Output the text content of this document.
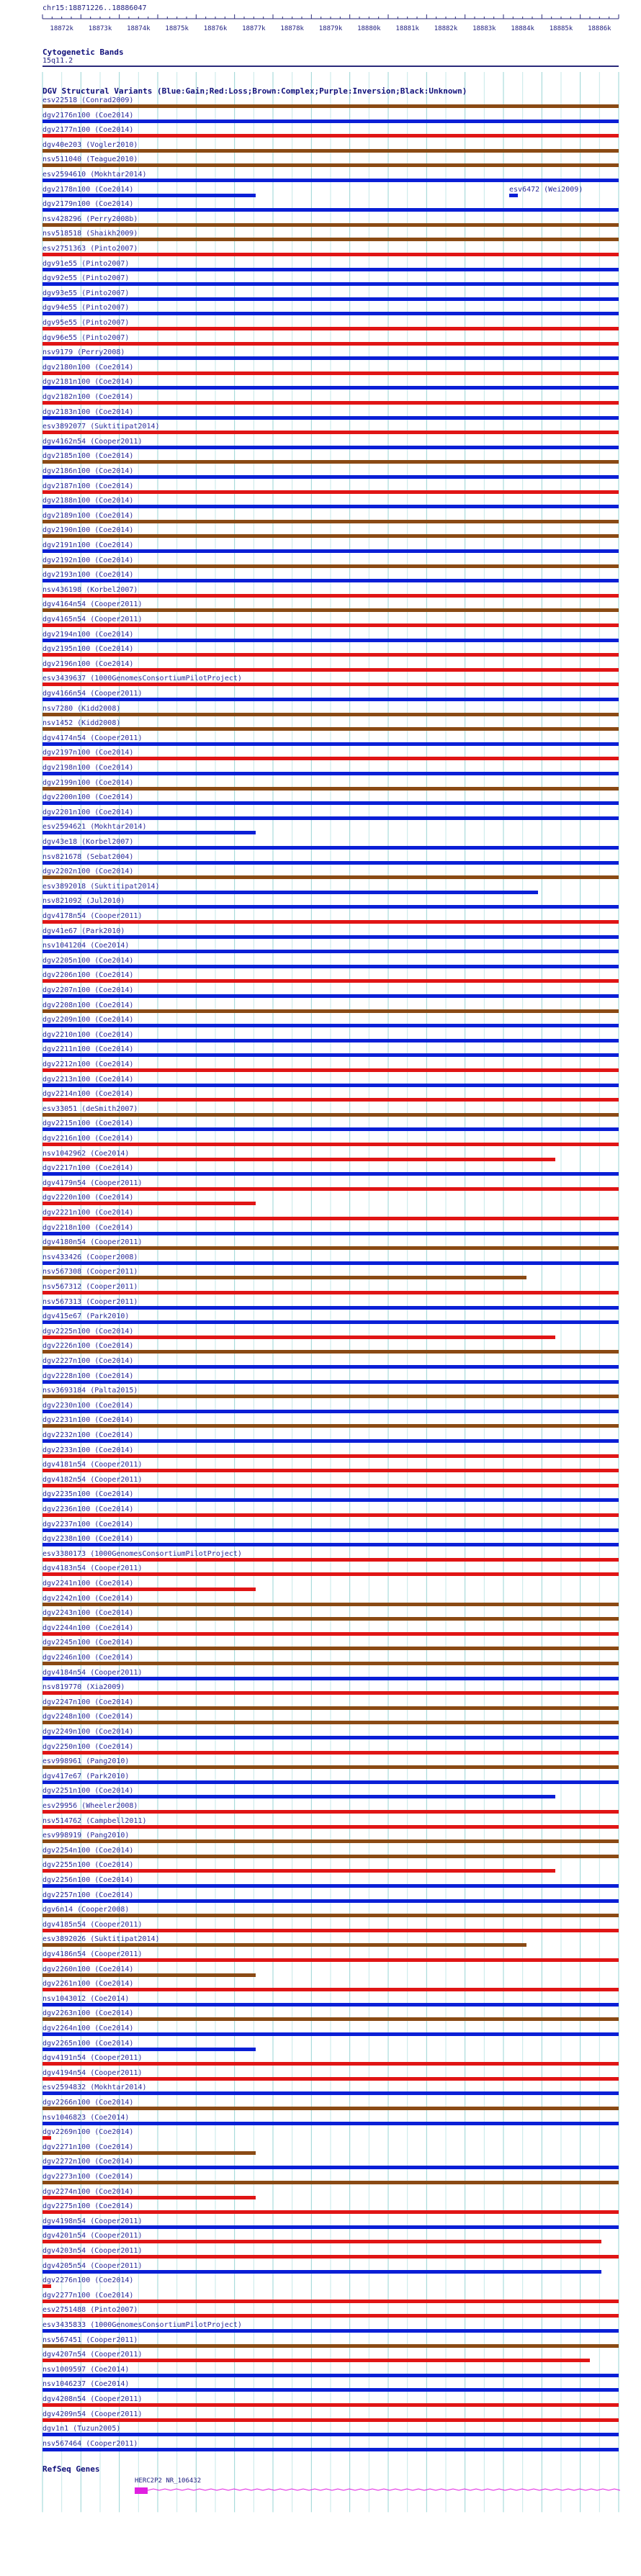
chr15:18871226..18886047
18872k 18873k 18874k 18875k 18876k 18877k 18878k 18879k 18880k 18881k 18882k 18883k 18884k 18885k 18886k
Cytogenetic Bands
15q11.2
DGV Structural Variants (Blue:Gain;Red:Loss;Brown:Complex;Purple:Inversion;Black:Unknown)
esv22518 (Conrad2009)
dgv2176n100 (Coe2014)
dgv2177n100 (Coe2014)
dgv40e203 (Vogler2010)
nsv511040 (Teague2010)
esv2594610 (Mokhtar2014)
dgv2178n100 (Coe2014)	esv6472 (Wei2009)
dgv2179n100 (Coe2014)
nsv428296 (Perry2008b)
nsv518518 (Shaikh2009)
esv2751363 (Pinto2007)
dgv91e55 (Pinto2007)
dgv92e55 (Pinto2007)
dgv93e55 (Pinto2007)
dgv94e55 (Pinto2007)
dgv95e55 (Pinto2007)
dgv96e55 (Pinto2007)
nsv9179 (Perry2008)
dgv2180n100 (Coe2014)
dgv2181n100 (Coe2014)
dgv2182n100 (Coe2014)
dgv2183n100 (Coe2014)
esv3892077 (Suktitipat2014)
dgv4162n54 (Cooper2011)
dgv2185n100 (Coe2014)
dgv2186n100 (Coe2014)
dgv2187n100 (Coe2014)
dgv2188n100 (Coe2014)
dgv2189n100 (Coe2014)
dgv2190n100 (Coe2014)
dgv2191n100 (Coe2014)
dgv2192n100 (Coe2014)
dgv2193n100 (Coe2014)
nsv436198 (Korbel2007)
dgv4164n54 (Cooper2011)
dgv4165n54 (Cooper2011)
dgv2194n100 (Coe2014)
dgv2195n100 (Coe2014)
dgv2196n100 (Coe2014)
esv3439637 (1000GenomesConsortiumPilotProject)
dgv4166n54 (Cooper2011)
nsv7280 (Kidd2008)
nsv1452 (Kidd2008)
dgv4174n54 (Cooper2011)
dgv2197n100 (Coe2014)
dgv2198n100 (Coe2014)
dgv2199n100 (Coe2014)
dgv2200n100 (Coe2014)
dgv2201n100 (Coe2014)
esv2594621 (Mokhtar2014)
dgv43e18 (Korbel2007)
nsv821678 (Sebat2004)
dgv2202n100 (Coe2014)
esv3892018 (Suktitipat2014)
nsv821092 (Jul2010)
dgv4178n54 (Cooper2011)
dgv41e67 (Park2010)
nsv1041204 (Coe2014)
dgv2205n100 (Coe2014)
dgv2206n100 (Coe2014)
dgv2207n100 (Coe2014)
dgv2208n100 (Coe2014)
dgv2209n100 (Coe2014)
dgv2210n100 (Coe2014)
dgv2211n100 (Coe2014)
dgv2212n100 (Coe2014)
dgv2213n100 (Coe2014)
dgv2214n100 (Coe2014)
esv33051 (deSmith2007)
dgv2215n100 (Coe2014)
dgv2216n100 (Coe2014)
nsv1042962 (Coe2014)
dgv2217n100 (Coe2014)
dgv4179n54 (Cooper2011)
dgv2220n100 (Coe2014)
dgv2221n100 (Coe2014)
dgv2218n100 (Coe2014)
dgv4180n54 (Cooper2011)
nsv433426 (Cooper2008)
nsv567308 (Cooper2011)
nsv567312 (Cooper2011)
nsv567313 (Cooper2011)
dgv415e67 (Park2010)
dgv2225n100 (Coe2014)
dgv2226n100 (Coe2014)
dgv2227n100 (Coe2014)
dgv2228n100 (Coe2014)
nsv3693184 (Palta2015)
dgv2230n100 (Coe2014)
dgv2231n100 (Coe2014)
dgv2232n100 (Coe2014)
dgv2233n100 (Coe2014)
dgv4181n54 (Cooper2011)
dgv4182n54 (Cooper2011)
dgv2235n100 (Coe2014)
dgv2236n100 (Coe2014)
dgv2237n100 (Coe2014)
dgv2238n100 (Coe2014)
esv3380173 (1000GenomesConsortiumPilotProject)
dgv4183n54 (Cooper2011)
dgv2241n100 (Coe2014)
dgv2242n100 (Coe2014)
dgv2243n100 (Coe2014)
dgv2244n100 (Coe2014)
dgv2245n100 (Coe2014)
dgv2246n100 (Coe2014)
dgv4184n54 (Cooper2011)
nsv819770 (Xia2009)
dgv2247n100 (Coe2014)
dgv2248n100 (Coe2014)
dgv2249n100 (Coe2014)
dgv2250n100 (Coe2014)
esv998961 (Pang2010)
dgv417e67 (Park2010)
dgv2251n100 (Coe2014)
esv29956 (Wheeler2008)
nsv514762 (Campbell2011)
esv998919 (Pang2010)
dgv2254n100 (Coe2014)
dgv2255n100 (Coe2014)
dgv2256n100 (Coe2014)
dgv2257n100 (Coe2014)
dgv6n14 (Cooper2008)
dgv4185n54 (Cooper2011)
esv3892026 (Suktitipat2014)
dgv4186n54 (Cooper2011)
dgv2260n100 (Coe2014)
dgv2261n100 (Coe2014)
nsv1043012 (Coe2014)
dgv2263n100 (Coe2014)
dgv2264n100 (Coe2014)
dgv2265n100 (Coe2014)
dgv4191n54 (Cooper2011)
dgv4194n54 (Cooper2011)
esv2594832 (Mokhtar2014)
dgv2266n100 (Coe2014)
nsv1046823 (Coe2014)
dgv2269n100 (Coe2014)
dgv2271n100 (Coe2014)
dgv2272n100 (Coe2014)
dgv2273n100 (Coe2014)
dgv2274n100 (Coe2014)
dgv2275n100 (Coe2014)
dgv4198n54 (Cooper2011)
dgv4201n54 (Cooper2011)
dgv4203n54 (Cooper2011)
dgv4205n54 (Cooper2011)
dgv2276n100 (Coe2014)
dgv2277n100 (Coe2014)
esv2751488 (Pinto2007)
esv3435833 (1000GenomesConsortiumPilotProject)
nsv567451 (Cooper2011)
dgv4207n54 (Cooper2011)
nsv1009597 (Coe2014)
nsv1046237 (Coe2014)
dgv4208n54 (Cooper2011)
dgv4209n54 (Cooper2011)
dgv1n1 (Tuzun2005)
nsv567464 (Cooper2011)
RefSeq Genes
HERC2P2 NR_106432
